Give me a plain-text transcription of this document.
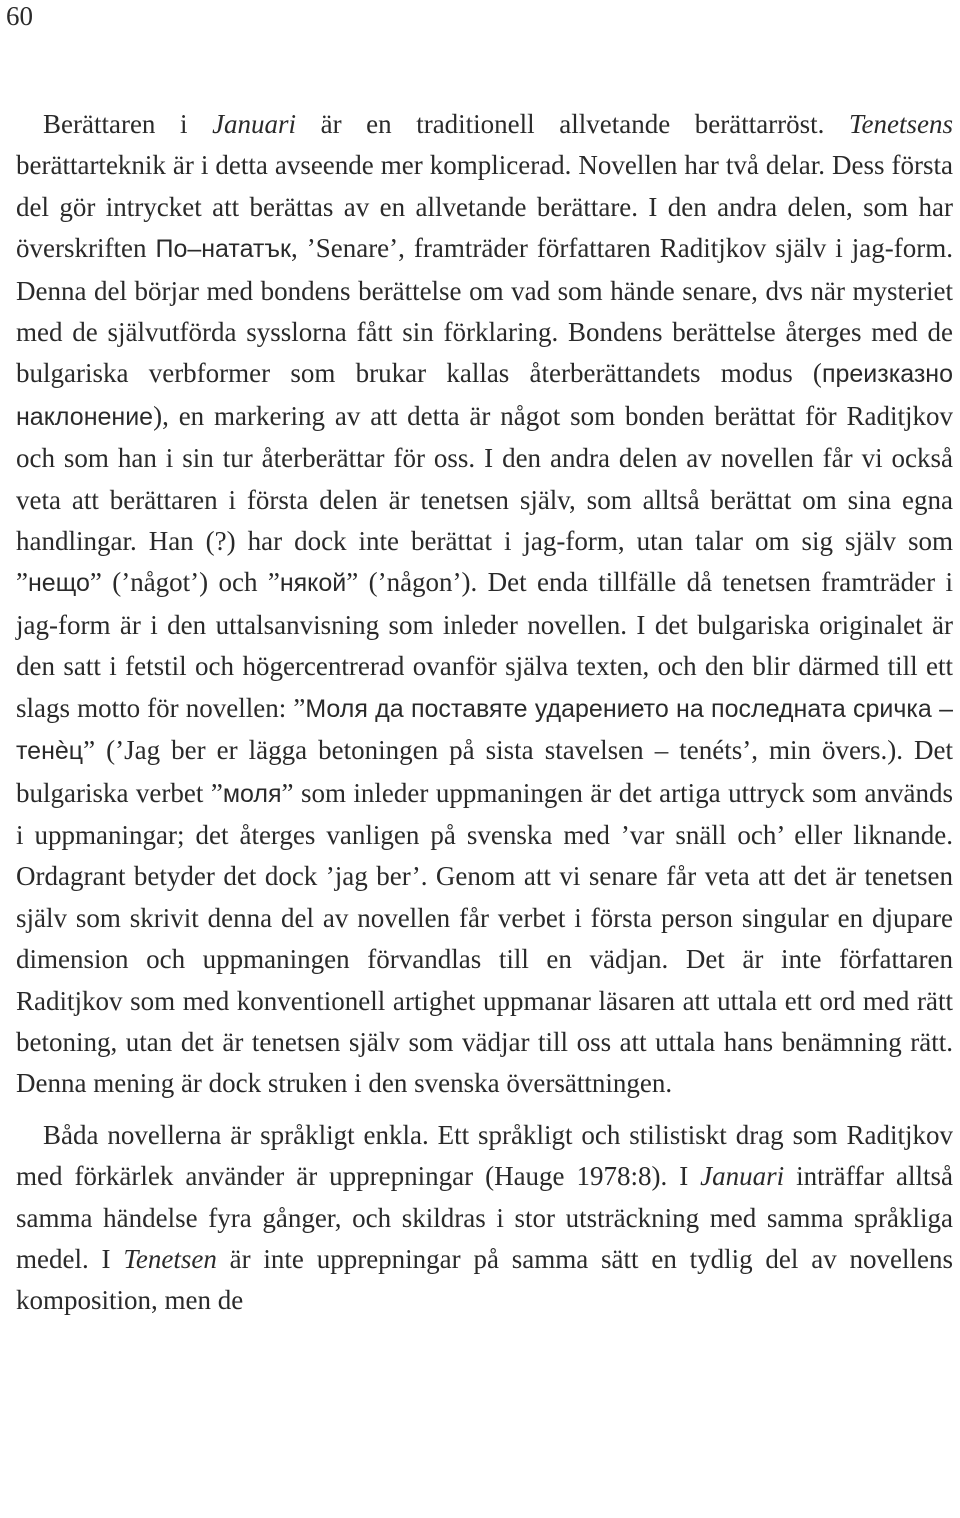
60

Berättaren i Januari är en traditionell allvetande berättarröst. Tenetsens berättarteknik är i detta avseende mer komplicerad. Novellen har två delar. Dess första del gör intrycket att berättas av en allvetande berättare. I den andra delen, som har överskriften По–нататък, ’Senare’, framträder författaren Raditjkov själv i jag-form. Denna del börjar med bondens berättelse om vad som hände senare, dvs när mysteriet med de självutförda sysslorna fått sin förklaring. Bondens berättelse återges med de bulgariska verbformer som brukar kallas återberättandets modus (преизказно наклонение), en markering av att detta är något som bonden berättat för Raditjkov och som han i sin tur återberättar för oss. I den andra delen av novellen får vi också veta att berättaren i första delen är tenetsen själv, som alltså berättat om sina egna handlingar. Han (?) har dock inte berättat i jag-form, utan talar om sig själv som ”нещо” (’något’) och ”някой” (’någon’). Det enda tillfälle då tenetsen framträder i jag-form är i den uttalsanvisning som inleder novellen. I det bulgariska originalet är den satt i fetstil och högercentrerad ovanför själva texten, och den blir därmed till ett slags motto för novellen: ”Моля да поставяте ударението на последната сричка – тенѐц” (’Jag ber er lägga betoningen på sista stavelsen – tenéts’, min övers.). Det bulgariska verbet ”моля” som inleder uppmaningen är det artiga uttryck som används i uppmaningar; det återges vanligen på svenska med ’var snäll och’ eller liknande. Ordagrant betyder det dock ’jag ber’. Genom att vi senare får veta att det är tenetsen själv som skrivit denna del av novellen får verbet i första person singular en djupare dimension och uppmaningen förvandlas till en vädjan. Det är inte författaren Raditjkov som med konventionell artighet uppmanar läsaren att uttala ett ord med rätt betoning, utan det är tenetsen själv som vädjar till oss att uttala hans benämning rätt. Denna mening är dock struken i den svenska översättningen.

Båda novellerna är språkligt enkla. Ett språkligt och stilistiskt drag som Raditjkov med förkärlek använder är upprepningar (Hauge 1978:8). I Januari inträffar alltså samma händelse fyra gånger, och skildras i stor utsträckning med samma språkliga medel. I Tenetsen är inte upprepningar på samma sätt en tydlig del av novellens komposition, men de
